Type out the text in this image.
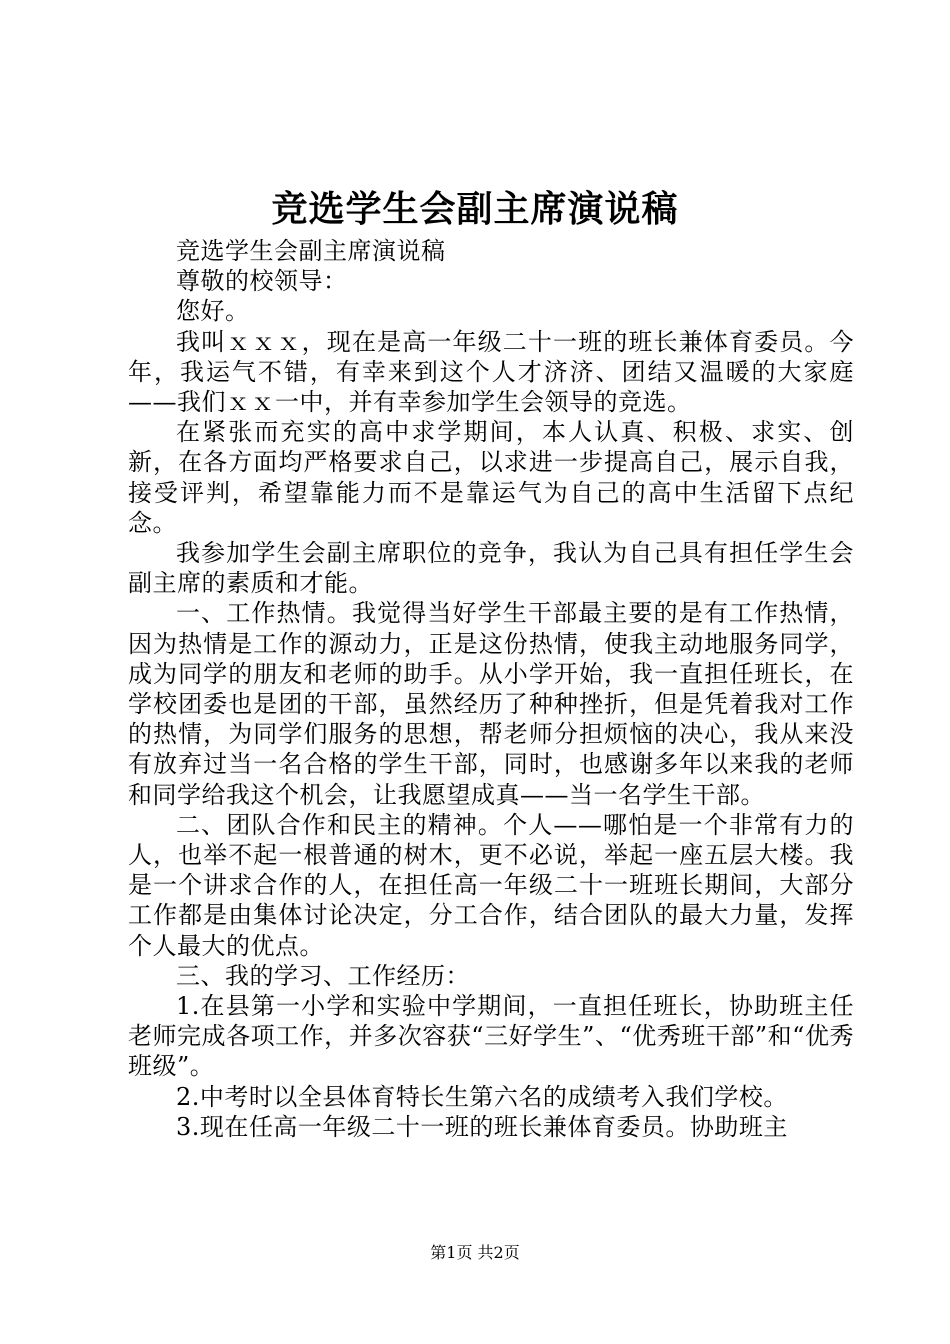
竞选学生会副主席演说稿

竞选学生会副主席演说稿

尊敬的校领导：

您好。

我叫ｘｘｘ，现在是高一年级二十一班的班长兼体育委员。今年，我运气不错，有幸来到这个人才济济、团结又温暖的大家庭——我们ｘｘ一中，并有幸参加学生会领导的竞选。

在紧张而充实的高中求学期间，本人认真、积极、求实、创新，在各方面均严格要求自己，以求进一步提高自己，展示自我，接受评判，希望靠能力而不是靠运气为自己的高中生活留下点纪念。

我参加学生会副主席职位的竞争，我认为自己具有担任学生会副主席的素质和才能。

一、工作热情。我觉得当好学生干部最主要的是有工作热情，因为热情是工作的源动力，正是这份热情，使我主动地服务同学，成为同学的朋友和老师的助手。从小学开始，我一直担任班长，在学校团委也是团的干部，虽然经历了种种挫折，但是凭着我对工作的热情，为同学们服务的思想，帮老师分担烦恼的决心，我从来没有放弃过当一名合格的学生干部，同时，也感谢多年以来我的老师和同学给我这个机会，让我愿望成真——当一名学生干部。

二、团队合作和民主的精神。个人——哪怕是一个非常有力的人，也举不起一根普通的树木，更不必说，举起一座五层大楼。我是一个讲求合作的人，在担任高一年级二十一班班长期间，大部分工作都是由集体讨论决定，分工合作，结合团队的最大力量，发挥个人最大的优点。

三、我的学习、工作经历：

1.在县第一小学和实验中学期间，一直担任班长，协助班主任老师完成各项工作，并多次容获“三好学生”、“优秀班干部”和“优秀班级”。

2.中考时以全县体育特长生第六名的成绩考入我们学校。

3.现在任高一年级二十一班的班长兼体育委员。协助班主

第1页 共2页
